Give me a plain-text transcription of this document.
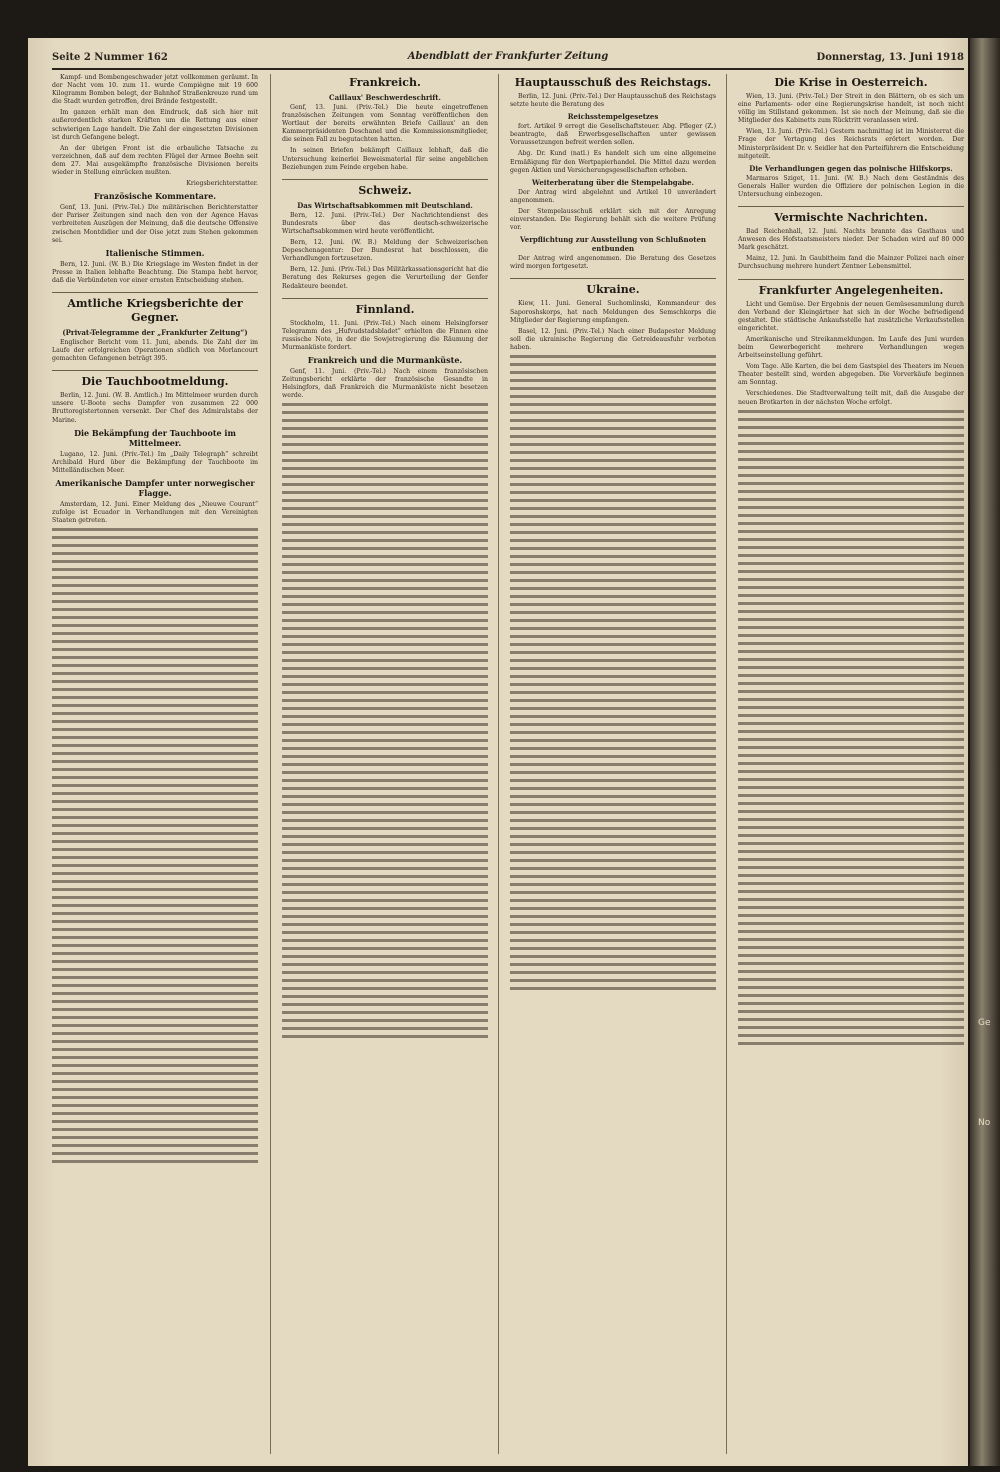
Seite 2 Nummer 162	Abendblatt der Frankfurter Zeitung	Donnerstag, 13. Juni 1918

Kampf- und Bombengeschwader jetzt vollkommen geräumt. In der Nacht vom 10. zum 11. wurde Compiègne mit 19 600 Kilogramm Bomben belegt, der Bahnhof Straßenkreuze rund um die Stadt wurden getroffen, drei Brände festgestellt.

Im ganzen erhält man den Eindruck, daß sich hier mit außerordentlich starken Kräften um die Rettung aus einer schwierigen Lage handelt. Die Zahl der eingesetzten Divisionen ist durch Gefangene belegt.

An der übrigen Front ist die erbauliche Tatsache zu verzeichnen, daß auf dem rechten Flügel der Armee Boehn seit dem 27. Mai ausgekämpfte französische Divisionen bereits wieder in Stellung einrücken mußten.

Kriegsberichterstatter.

Französische Kommentare.

Genf, 13. Juni. (Priv.-Tel.) Die militärischen Berichterstatter der Pariser Zeitungen sind nach den von der Agence Havas verbreiteten Auszügen der Meinung, daß die deutsche Offensive zwischen Montdidier und der Oise jetzt zum Stehen gekommen sei.

Italienische Stimmen.

Bern, 12. Juni. (W. B.) Die Kriegslage im Westen findet in der Presse in Italien lebhafte Beachtung. Die Stampa hebt hervor, daß die Verbündeten vor einer ernsten Entscheidung stehen.

Amtliche Kriegsberichte der Gegner.
(Privat-Telegramme der „Frankfurter Zeitung“)

Englischer Bericht vom 11. Juni, abends. Die Zahl der im Laufe der erfolgreichen Operationen südlich von Morlancourt gemachten Gefangenen beträgt 395.

Die Tauchbootmeldung.

Berlin, 12. Juni. (W. B. Amtlich.) Im Mittelmeer wurden durch unsere U-Boote sechs Dampfer von zusammen 22 000 Bruttoregistertonnen versenkt. Der Chef des Admiralstabs der Marine.

Die Bekämpfung der Tauchboote im Mittelmeer.

Lugano, 12. Juni. (Priv.-Tel.) Im „Daily Telegraph“ schreibt Archibald Hurd über die Bekämpfung der Tauchboote im Mittelländischen Meer.

Amerikanische Dampfer unter norwegischer Flagge.

Amsterdam, 12. Juni. Einer Meldung des „Nieuwe Courant“ zufolge ist Ecuador in Verhandlungen mit den Vereinigten Staaten getreten.

Frankreich.
Caillaux' Beschwerdeschrift.

Genf, 13. Juni. (Priv.-Tel.) Die heute eingetroffenen französischen Zeitungen vom Sonntag veröffentlichen den Wortlaut der bereits erwähnten Briefe Caillaux' an den Kammerpräsidenten Deschanel und die Kommissionsmitglieder, die seinen Fall zu begutachten hatten.

In seinen Briefen bekämpft Caillaux lebhaft, daß die Untersuchung keinerlei Beweismaterial für seine angeblichen Beziehungen zum Feinde ergeben habe.

Schweiz.
Das Wirtschaftsabkommen mit Deutschland.

Bern, 12. Juni. (Priv.-Tel.) Der Nachrichtendienst des Bundesrats über das deutsch-schweizerische Wirtschaftsabkommen wird heute veröffentlicht.

Bern, 12. Juni. (W. B.) Meldung der Schweizerischen Depeschenagentur: Der Bundesrat hat beschlossen, die Verhandlungen fortzusetzen.

Bern, 12. Juni. (Priv.-Tel.) Das Militärkassationsgericht hat die Beratung des Rekurses gegen die Verurteilung der Genfer Redakteure beendet.

Finnland.

Stockholm, 11. Juni. (Priv.-Tel.) Nach einem Helsingforser Telegramm des „Hufvudstadsbladet“ erhielten die Finnen eine russische Note, in der die Sowjetregierung die Räumung der Murmanküste fordert.

Frankreich und die Murmanküste.

Genf, 11. Juni. (Priv.-Tel.) Nach einem französischen Zeitungsbericht erklärte der französische Gesandte in Helsingfors, daß Frankreich die Murmanküste nicht besetzen werde.

Hauptausschuß des Reichstags.

Berlin, 12. Juni. (Priv.-Tel.) Der Hauptausschuß des Reichstags setzte heute die Beratung des

Reichsstempelgesetzes

fort. Artikel 9 erregt die Gesellschaftsteuer. Abg. Pfleger (Z.) beantragte, daß Erwerbsgesellschaften unter gewissen Voraussetzungen befreit werden sollen.

Abg. Dr. Kund (natl.) Es handelt sich um eine allgemeine Ermäßigung für den Wertpapierhandel. Die Mittel dazu werden gegen Aktien und Versicherungsgesellschaften erhoben.

Weiterberatung über die Stempelabgabe.

Der Antrag wird abgelehnt und Artikel 10 unverändert angenommen.

Der Stempelausschuß erklärt sich mit der Anregung einverstanden. Die Regierung behält sich die weitere Prüfung vor.

Verpflichtung zur Ausstellung von Schlußnoten entbunden

Der Antrag wird angenommen. Die Beratung des Gesetzes wird morgen fortgesetzt.

Ukraine.

Kiew, 11. Juni. General Suchomlinski, Kommandeur des Saporoshskorps, hat nach Meldungen des Semschkorps die Mitglieder der Regierung empfangen.

Basel, 12. Juni. (Priv.-Tel.) Nach einer Budapester Meldung soll die ukrainische Regierung die Getreideausfuhr verboten haben.

Die Krise in Oesterreich.

Wien, 13. Juni. (Priv.-Tel.) Der Streit in den Blättern, ob es sich um eine Parlaments- oder eine Regierungskrise handelt, ist noch nicht völlig im Stillstand gekommen. Ist sie noch der Meinung, daß sie die Mitglieder des Kabinetts zum Rücktritt veranlassen wird.

Wien, 13. Juni. (Priv.-Tel.) Gestern nachmittag ist im Ministerrat die Frage der Vertagung des Reichsrats erörtert worden. Der Ministerpräsident Dr. v. Seidler hat den Parteiführern die Entscheidung mitgeteilt.

Die Verhandlungen gegen das polnische Hilfskorps.

Marmaros Sziget, 11. Juni. (W. B.) Nach dem Geständnis des Generals Haller wurden die Offiziere der polnischen Legion in die Untersuchung einbezogen.

Vermischte Nachrichten.

Bad Reichenhall, 12. Juni. Nachts brannte das Gasthaus und Anwesen des Hofstaatsmeisters nieder. Der Schaden wird auf 80 000 Mark geschätzt.

Mainz, 12. Juni. In Gaubitheim fand die Mainzer Polizei nach einer Durchsuchung mehrere hundert Zentner Lebensmittel.

Frankfurter Angelegenheiten.

Licht und Gemüse. Der Ergebnis der neuen Gemüsesammlung durch den Verband der Kleingärtner hat sich in der Woche befriedigend gestaltet. Die städtische Ankaufsstelle hat zusätzliche Verkaufsstellen eingerichtet.

Amerikanische und Streikanmeldungen. Im Laufe des Juni wurden beim Gewerbegericht mehrere Verhandlungen wegen Arbeitseinstellung geführt.

Vom Tage. Alle Karten, die bei dem Gastspiel des Theaters im Neuen Theater bestellt sind, werden abgegeben. Die Vorverkäufe beginnen am Sonntag.

Verschiedenes. Die Stadtverwaltung teilt mit, daß die Ausgabe der neuen Brotkarten in der nächsten Woche erfolgt.

Ge
No
